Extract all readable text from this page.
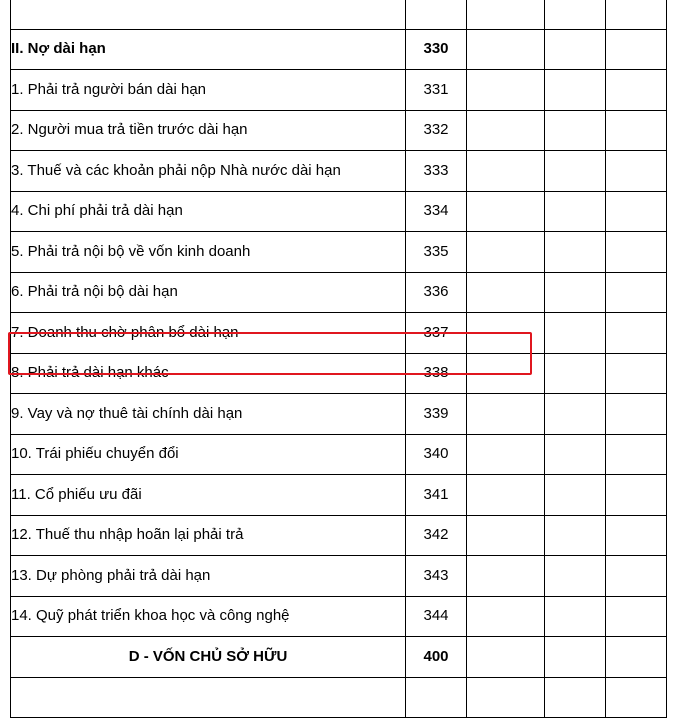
II. Nợ dài hạn	330			
1. Phải trả người bán dài hạn	331			
2. Người mua trả tiền trước dài hạn	332			
3. Thuế và các khoản phải nộp Nhà nước dài hạn	333			
4. Chi phí phải trả dài hạn	334			
5. Phải trả nội bộ về vốn kinh doanh	335			
6. Phải trả nội bộ dài hạn	336			
7. Doanh thu chờ phân bổ dài hạn	337			
8. Phải trả dài hạn khác	338			
9. Vay và nợ thuê tài chính dài hạn	339			
10. Trái phiếu chuyển đổi	340			
11. Cổ phiếu ưu đãi	341			
12. Thuế thu nhập hoãn lại phải trả	342			
13. Dự phòng phải trả dài hạn	343			
14. Quỹ phát triển khoa học và công nghệ	344			
D - VỐN CHỦ SỞ HỮU	400			
